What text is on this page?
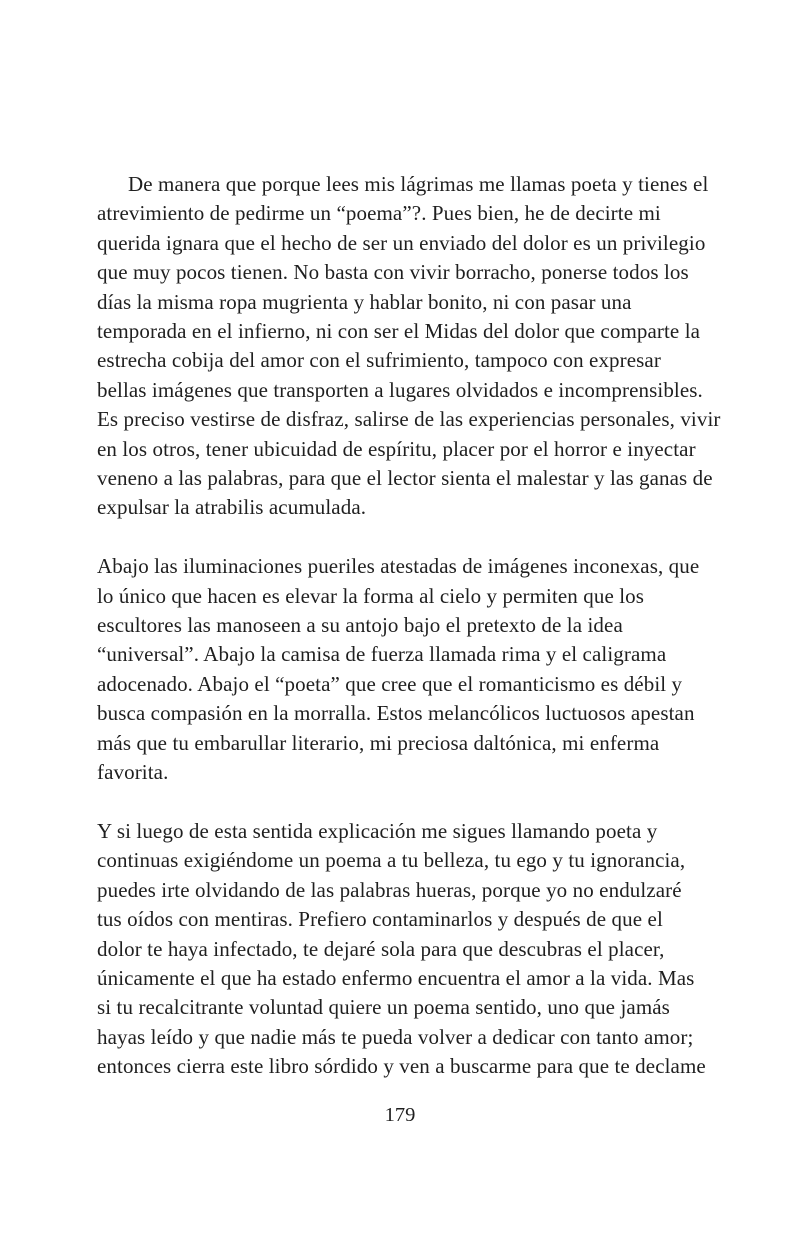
De manera que porque lees mis lágrimas me llamas poeta y tienes el
atrevimiento de pedirme un “poema”?. Pues bien, he de decirte mi
querida ignara que el hecho de ser un enviado del dolor es un privilegio
que muy pocos tienen. No basta con vivir borracho, ponerse todos los
días la misma ropa mugrienta y hablar bonito, ni con pasar una
temporada en el infierno, ni con ser el Midas del dolor que comparte la
estrecha cobija del amor con el sufrimiento, tampoco con expresar
bellas imágenes que transporten a lugares olvidados e incomprensibles.
Es preciso vestirse de disfraz, salirse de las experiencias personales, vivir
en los otros, tener ubicuidad de espíritu, placer por el horror e inyectar
veneno a las palabras, para que el lector sienta el malestar y las ganas de
expulsar la atrabilis acumulada.
Abajo las iluminaciones pueriles atestadas de imágenes inconexas, que
lo único que hacen es elevar la forma al cielo y permiten que los
escultores las manoseen a su antojo bajo el pretexto de la idea
“universal”. Abajo la camisa de fuerza llamada rima y el caligrama
adocenado. Abajo el “poeta” que cree que el romanticismo es débil y
busca compasión en la morralla. Estos melancólicos luctuosos apestan
más que tu embarullar literario, mi preciosa daltónica, mi enferma
favorita.
Y si luego de esta sentida explicación me sigues llamando poeta y
continuas exigiéndome un poema a tu belleza, tu ego y tu ignorancia,
puedes irte olvidando de las palabras hueras, porque yo no endulzaré
tus oídos con mentiras. Prefiero contaminarlos y después de que el
dolor te haya infectado, te dejaré sola para que descubras el placer,
únicamente el que ha estado enfermo encuentra el amor a la vida. Mas
si tu recalcitrante voluntad quiere un poema sentido, uno que jamás
hayas leído y que nadie más te pueda volver a dedicar con tanto amor;
entonces cierra este libro sórdido y ven a buscarme para que te declame
179
